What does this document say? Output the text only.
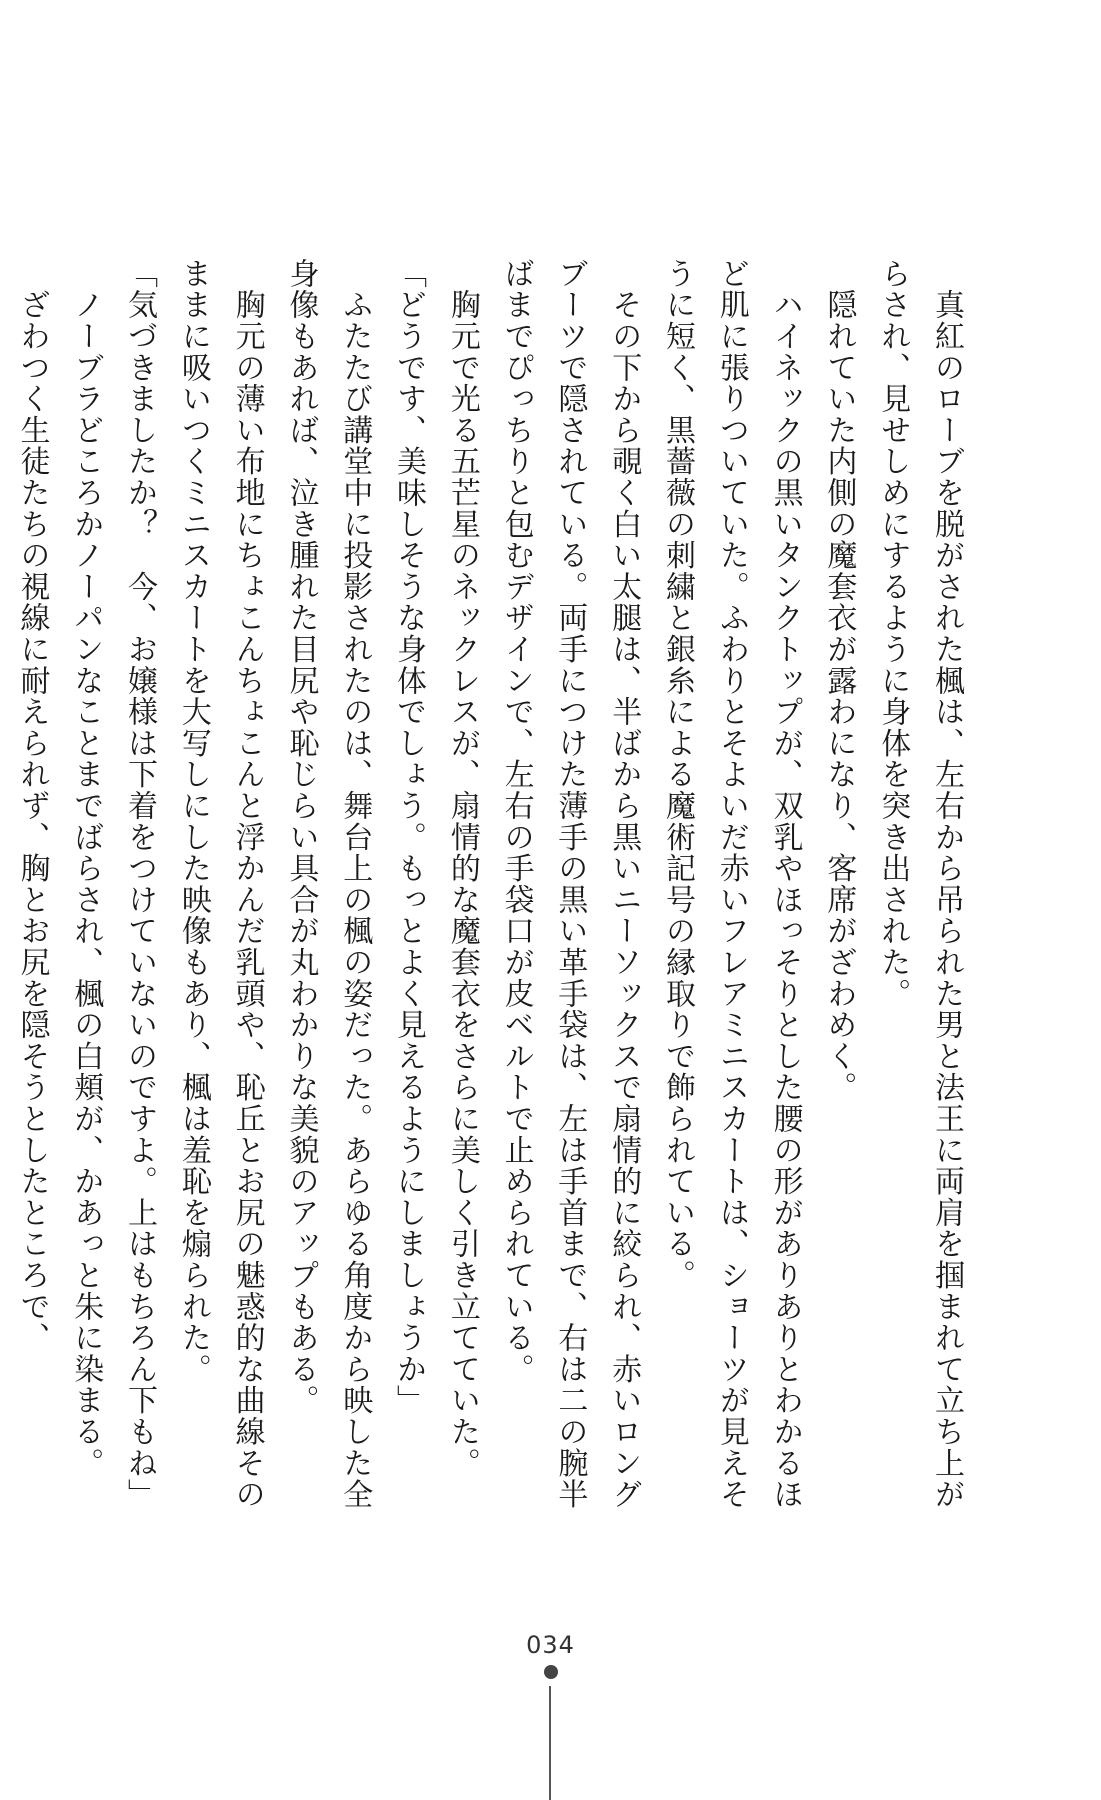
　真紅のローブを脱がされた楓は、左右から吊られた男と法王に両肩を掴まれて立ち上が

らされ、見せしめにするように身体を突き出された。

　隠れていた内側の魔套衣が露わになり、客席がざわめく。

　ハイネックの黒いタンクトップが、双乳やほっそりとした腰の形がありありとわかるほ

ど肌に張りついていた。ふわりとそよいだ赤いフレアミニスカートは、ショーツが見えそ

うに短く、黒薔薇の刺繍と銀糸による魔術記号の縁取りで飾られている。

　その下から覗く白い太腿は、半ばから黒いニーソックスで扇情的に絞られ、赤いロング

ブーツで隠されている。両手につけた薄手の黒い革手袋は、左は手首まで、右は二の腕半

ばまでぴっちりと包むデザインで、左右の手袋口が皮ベルトで止められている。

　胸元で光る五芒星のネックレスが、扇情的な魔套衣をさらに美しく引き立てていた。

「どうです、美味しそうな身体でしょう。もっとよく見えるようにしましょうか」

　ふたたび講堂中に投影されたのは、舞台上の楓の姿だった。あらゆる角度から映した全

身像もあれば、泣き腫れた目尻や恥じらい具合が丸わかりな美貌のアップもある。

　胸元の薄い布地にちょこんちょこんと浮かんだ乳頭や、恥丘とお尻の魅惑的な曲線その

ままに吸いつくミニスカートを大写しにした映像もあり、楓は羞恥を煽られた。

「気づきましたか？　今、お嬢様は下着をつけていないのですよ。上はもちろん下もね」

　ノーブラどころかノーパンなことまでばらされ、楓の白頬が、かあっと朱に染まる。

　ざわつく生徒たちの視線に耐えられず、胸とお尻を隠そうとしたところで、

034
